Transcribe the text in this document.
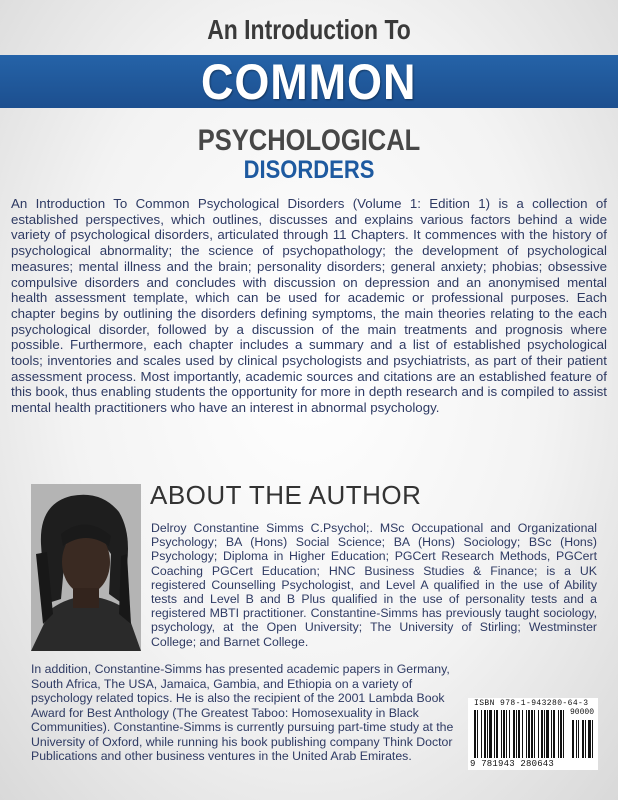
An Introduction To
COMMON
PSYCHOLOGICAL
DISORDERS

An Introduction To Common Psychological Disorders (Volume 1: Edition 1) is a collection of established perspectives, which outlines, discusses and explains various factors behind a wide variety of psychological disorders, articulated through 11 Chapters. It commences with the history of psychological abnormality; the science of psychopathology; the development of psychological measures; mental illness and the brain; personality disorders; general anxiety; phobias; obsessive compulsive disorders and concludes with discussion on depression and an anonymised mental health assessment template, which can be used for academic or professional purposes. Each chapter begins by outlining the disorders defining symptoms, the main theories relating to the each psychological disorder, followed by a discussion of the main treatments and prognosis where possible. Furthermore, each chapter includes a summary and a list of established psychological tools; inventories and scales used by clinical psychologists and psychiatrists, as part of their patient assessment process. Most importantly, academic sources and citations are an established feature of this book, thus enabling students the opportunity for more in depth research and is compiled to assist mental health practitioners who have an interest in abnormal psychology.

ABOUT THE AUTHOR

Delroy Constantine Simms C.Psychol;. MSc Occupational and Organizational Psychology; BA (Hons) Social Science; BA (Hons) Sociology; BSc (Hons) Psychology; Diploma in Higher Education; PGCert Research Methods, PGCert Coaching PGCert Education; HNC Business Studies & Finance; is a UK registered Counselling Psychologist, and Level A qualified in the use of Ability tests and Level B and B Plus qualified in the use of personality tests and a registered MBTI practitioner. Constantine-Simms has previously taught sociology, psychology, at the Open University; The University of Stirling; Westminster College; and Barnet College.

In addition, Constantine-Simms has presented academic papers in Germany, South Africa, The USA, Jamaica, Gambia, and Ethiopia on a variety of psychology related topics. He is also the recipient of the 2001 Lambda Book Award for Best Anthology (The Greatest Taboo: Homosexuality in Black Communities). Constantine-Simms is currently pursuing part-time study at the University of Oxford, while running his book publishing company Think Doctor Publications and other business ventures in the United Arab Emirates.

ISBN 978-1-943280-64-3
9 781943 280643
90000
